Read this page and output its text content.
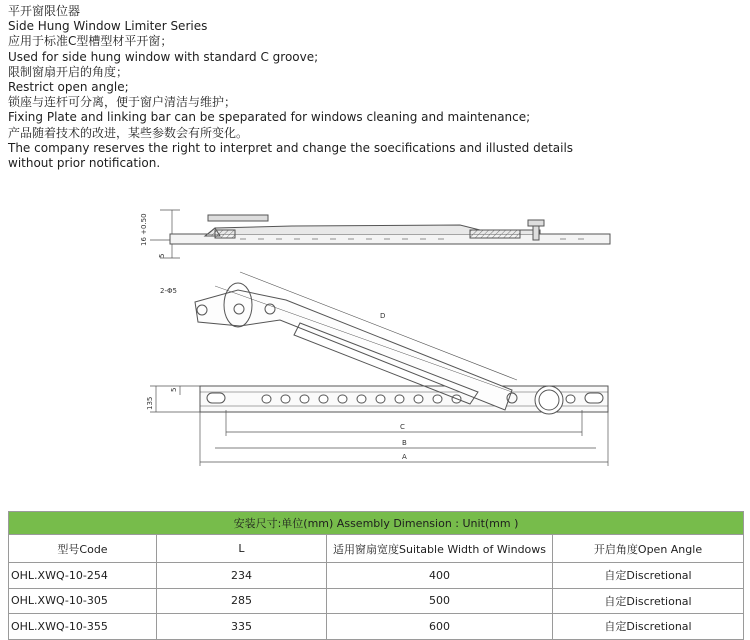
平开窗限位器
Side Hung Window Limiter Series
应用于标准C型槽型材平开窗；
Used for side hung window with standard C groove;
限制窗扇开启的角度；
Restrict open angle;
锁座与连杆可分离，便于窗户清洁与维护；
Fixing Plate and linking bar can be speparated for windows cleaning and maintenance;
产品随着技术的改进，某些参数会有所变化。
The company reserves the right to interpret and change the soecifications and illusted details without prior notification.
16 +0.50
5
2-Φ5
D
5
135
C
B
A
安装尺寸:单位(mm) Assembly Dimension : Unit(mm )			
型号Code	L	适用窗扇宽度Suitable Width of Windows	开启角度Open Angle
OHL.XWQ-10-254	234	400	自定Discretional
OHL.XWQ-10-305	285	500	自定Discretional
OHL.XWQ-10-355	335	600	自定Discretional
